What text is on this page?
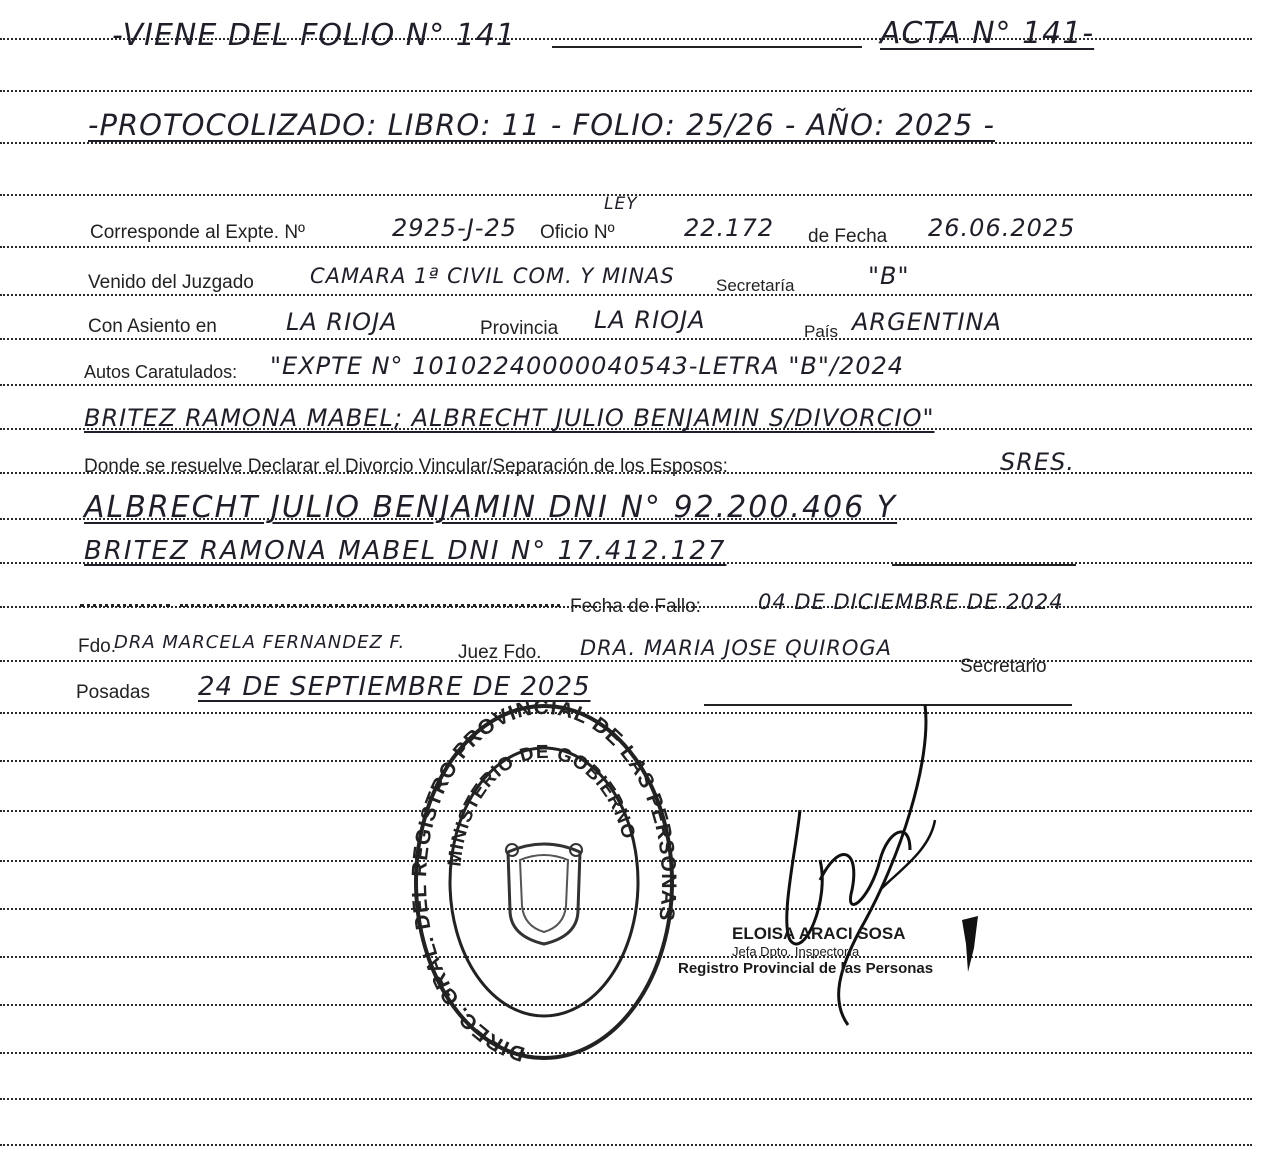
-VIENE DEL FOLIO N° 141	ACTA N° 141-
-PROTOCOLIZADO: LIBRO: 11 - FOLIO: 25/26 - AÑO: 2025 -
Corresponde al Expte. Nº	2925-J-25
LEY
Oficio Nº	22.172 de Fecha 26.06.2025
Venido del Juzgado	CAMARA 1ª CIVIL COM. Y MINAS Secretaría	"B"
Con Asiento en	LA RIOJA	Provincia LA RIOJA	País ARGENTINA
Autos Caratulados: "EXPTE N° 10102240000040543-LETRA "B"/2024
BRITEZ RAMONA MABEL; ALBRECHT JULIO BENJAMIN S/DIVORCIO"
Donde se resuelve Declarar el Divorcio Vincular/Separación de los Esposos:	SRES.
ALBRECHT JULIO BENJAMIN DNI N° 92.200.406 Y
BRITEZ RAMONA MABEL DNI N° 17.412.127
Fecha de Fallo:	04 DE DICIEMBRE DE 2024
Fdo.
DRA MARCELA FERNANDEZ F.	Juez Fdo. DRA. MARIA JOSE QUIROGA
Secretario
Posadas 24 DE SEPTIEMBRE DE 2025
DIREC. GRAL. DEL REGISTRO PROVINCIAL DE LAS PERSONAS
MINISTERIO DE GOBIERNO
ELOISA ARACI SOSA
Jefa Dpto. Inspectoría
Registro Provincial de las Personas
